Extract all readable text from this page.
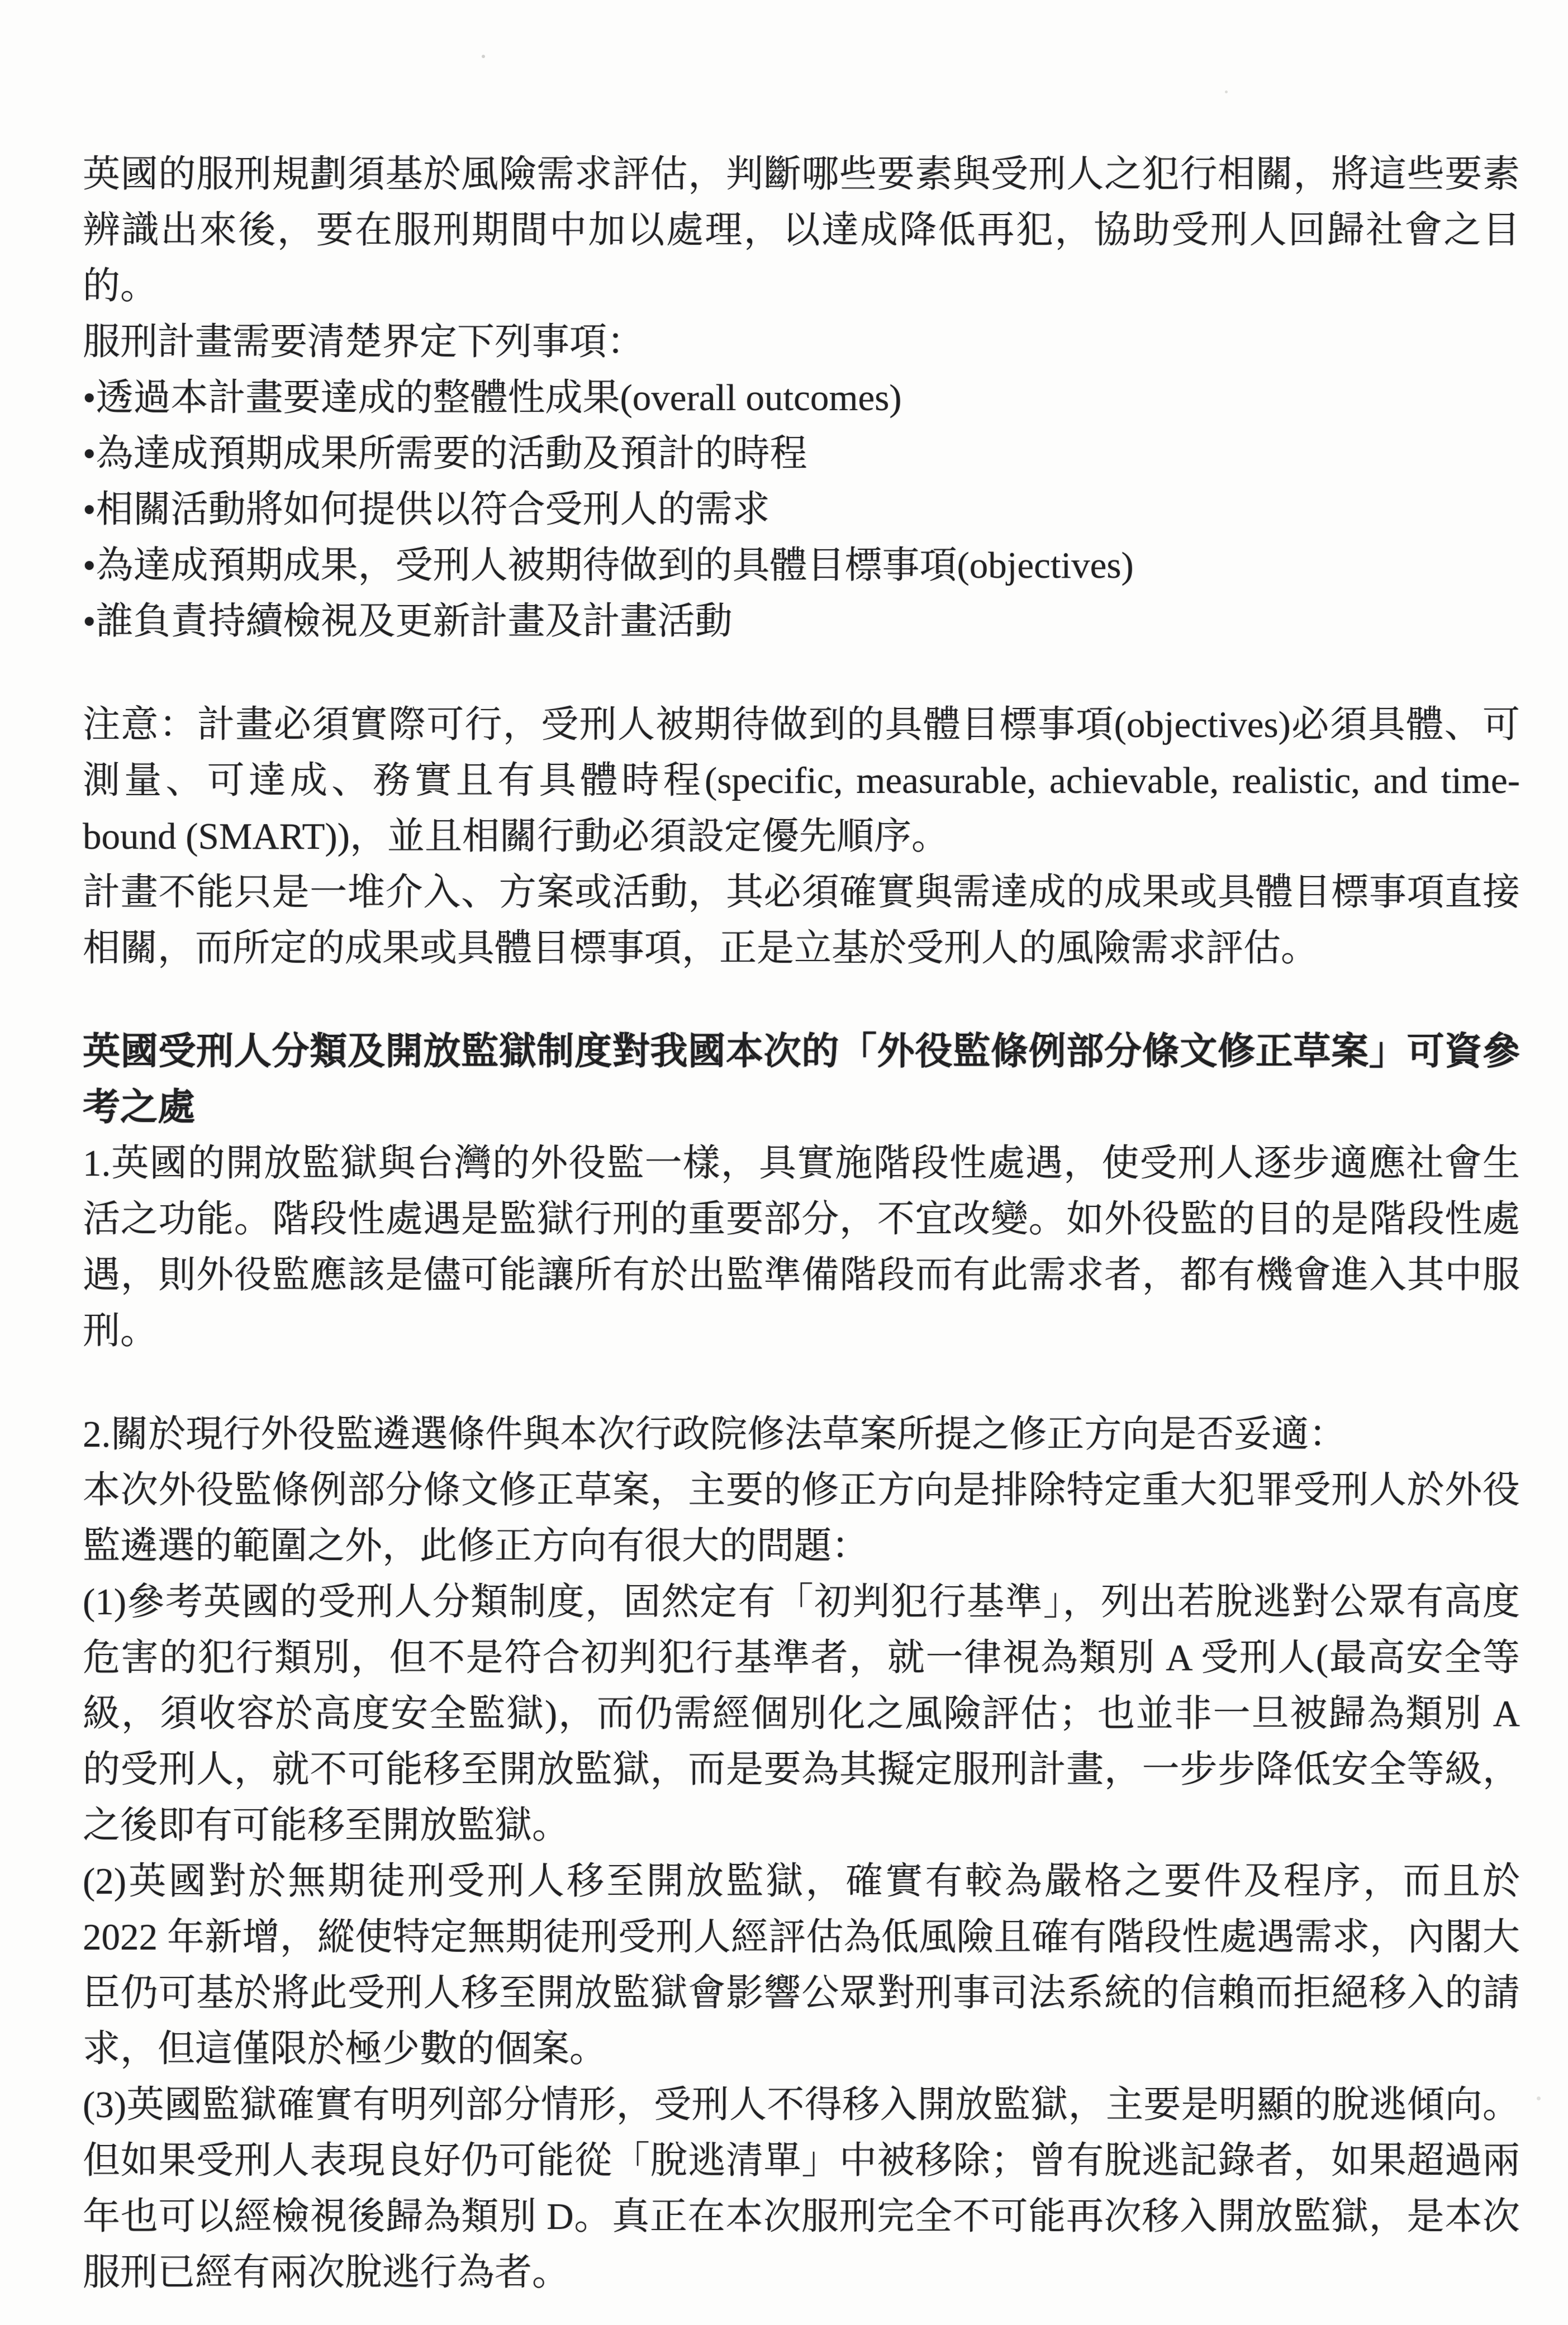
英國的服刑規劃須基於風險需求評估，判斷哪些要素與受刑人之犯行相關，將這些要素辨識出來後，要在服刑期間中加以處理，以達成降低再犯，協助受刑人回歸社會之目的。

服刑計畫需要清楚界定下列事項：

•透過本計畫要達成的整體性成果(overall outcomes)

•為達成預期成果所需要的活動及預計的時程

•相關活動將如何提供以符合受刑人的需求

•為達成預期成果，受刑人被期待做到的具體目標事項(objectives)

•誰負責持續檢視及更新計畫及計畫活動

注意：計畫必須實際可行，受刑人被期待做到的具體目標事項(objectives)必須具體、可測量、可達成、務實且有具體時程(specific, measurable, achievable, realistic, and time-bound (SMART))，並且相關行動必須設定優先順序。

計畫不能只是一堆介入、方案或活動，其必須確實與需達成的成果或具體目標事項直接相關，而所定的成果或具體目標事項，正是立基於受刑人的風險需求評估。

英國受刑人分類及開放監獄制度對我國本次的「外役監條例部分條文修正草案」可資參考之處

1.英國的開放監獄與台灣的外役監一樣，具實施階段性處遇，使受刑人逐步適應社會生活之功能。階段性處遇是監獄行刑的重要部分，不宜改變。如外役監的目的是階段性處遇，則外役監應該是儘可能讓所有於出監準備階段而有此需求者，都有機會進入其中服刑。

2.關於現行外役監遴選條件與本次行政院修法草案所提之修正方向是否妥適：

本次外役監條例部分條文修正草案，主要的修正方向是排除特定重大犯罪受刑人於外役監遴選的範圍之外，此修正方向有很大的問題：

(1)參考英國的受刑人分類制度，固然定有「初判犯行基準」，列出若脫逃對公眾有高度危害的犯行類別，但不是符合初判犯行基準者，就一律視為類別 A 受刑人(最高安全等級，須收容於高度安全監獄)，而仍需經個別化之風險評估；也並非一旦被歸為類別 A 的受刑人，就不可能移至開放監獄，而是要為其擬定服刑計畫，一步步降低安全等級，之後即有可能移至開放監獄。

(2)英國對於無期徒刑受刑人移至開放監獄，確實有較為嚴格之要件及程序，而且於 2022 年新增，縱使特定無期徒刑受刑人經評估為低風險且確有階段性處遇需求，內閣大臣仍可基於將此受刑人移至開放監獄會影響公眾對刑事司法系統的信賴而拒絕移入的請求，但這僅限於極少數的個案。

(3)英國監獄確實有明列部分情形，受刑人不得移入開放監獄，主要是明顯的脫逃傾向。但如果受刑人表現良好仍可能從「脫逃清單」中被移除；曾有脫逃記錄者，如果超過兩年也可以經檢視後歸為類別 D。真正在本次服刑完全不可能再次移入開放監獄，是本次服刑已經有兩次脫逃行為者。
